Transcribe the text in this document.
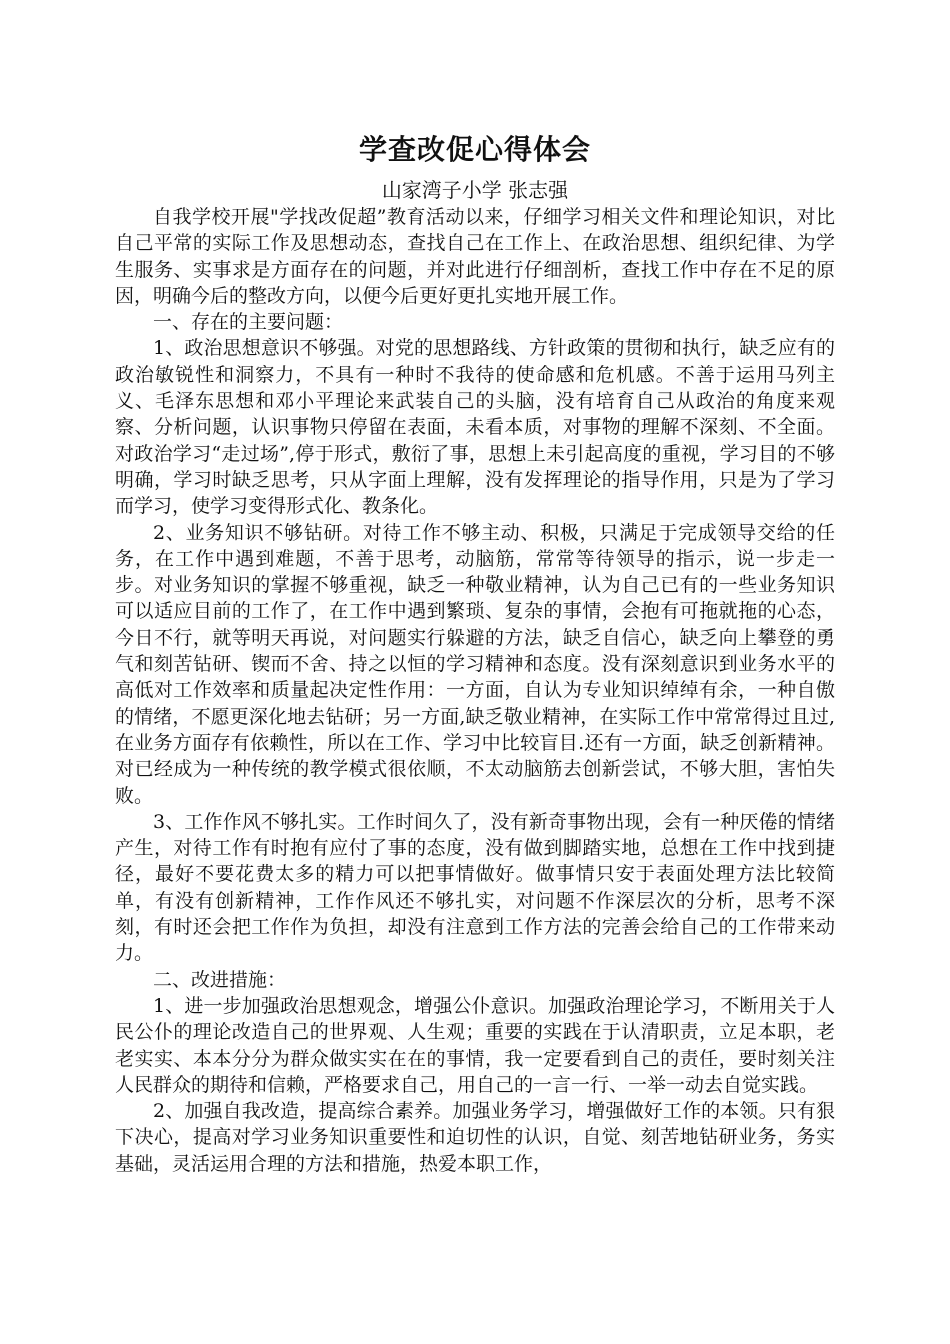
学查改促心得体会

山家湾子小学 张志强

自我学校开展"学找改促超”教育活动以来，仔细学习相关文件和理论知识，对比自己平常的实际工作及思想动态，查找自己在工作上、在政治思想、组织纪律、为学生服务、实事求是方面存在的问题，并对此进行仔细剖析，查找工作中存在不足的原因，明确今后的整改方向，以便今后更好更扎实地开展工作。

一、存在的主要问题：

1、政治思想意识不够强。对党的思想路线、方针政策的贯彻和执行，缺乏应有的政治敏锐性和洞察力，不具有一种时不我待的使命感和危机感。不善于运用马列主义、毛泽东思想和邓小平理论来武装自己的头脑，没有培育自己从政治的角度来观察、分析问题，认识事物只停留在表面，未看本质，对事物的理解不深刻、不全面。对政治学习“走过场”,停于形式，敷衍了事，思想上未引起高度的重视，学习目的不够明确，学习时缺乏思考，只从字面上理解，没有发挥理论的指导作用，只是为了学习而学习，使学习变得形式化、教条化。

2、业务知识不够钻研。对待工作不够主动、积极，只满足于完成领导交给的任务，在工作中遇到难题，不善于思考，动脑筋，常常等待领导的指示，说一步走一步。对业务知识的掌握不够重视，缺乏一种敬业精神，认为自己已有的一些业务知识可以适应目前的工作了，在工作中遇到繁琐、复杂的事情，会抱有可拖就拖的心态，今日不行，就等明天再说，对问题实行躲避的方法，缺乏自信心，缺乏向上攀登的勇气和刻苦钻研、锲而不舍、持之以恒的学习精神和态度。没有深刻意识到业务水平的高低对工作效率和质量起决定性作用：一方面，自认为专业知识绰绰有余，一种自傲的情绪，不愿更深化地去钻研；另一方面,缺乏敬业精神，在实际工作中常常得过且过,在业务方面存有依赖性，所以在工作、学习中比较盲目.还有一方面，缺乏创新精神。对已经成为一种传统的教学模式很依顺，不太动脑筋去创新尝试，不够大胆，害怕失败。

3、工作作风不够扎实。工作时间久了，没有新奇事物出现，会有一种厌倦的情绪产生，对待工作有时抱有应付了事的态度，没有做到脚踏实地，总想在工作中找到捷径，最好不要花费太多的精力可以把事情做好。做事情只安于表面处理方法比较简单，有没有创新精神，工作作风还不够扎实，对问题不作深层次的分析，思考不深刻，有时还会把工作作为负担，却没有注意到工作方法的完善会给自己的工作带来动力。

二、改进措施：

1、进一步加强政治思想观念，增强公仆意识。加强政治理论学习，不断用关于人民公仆的理论改造自己的世界观、人生观；重要的实践在于认清职责，立足本职，老老实实、本本分分为群众做实实在在的事情，我一定要看到自己的责任，要时刻关注人民群众的期待和信赖，严格要求自己，用自己的一言一行、一举一动去自觉实践。

2、加强自我改造，提高综合素养。加强业务学习，增强做好工作的本领。只有狠下决心，提高对学习业务知识重要性和迫切性的认识，自觉、刻苦地钻研业务，务实基础，灵活运用合理的方法和措施，热爱本职工作，
